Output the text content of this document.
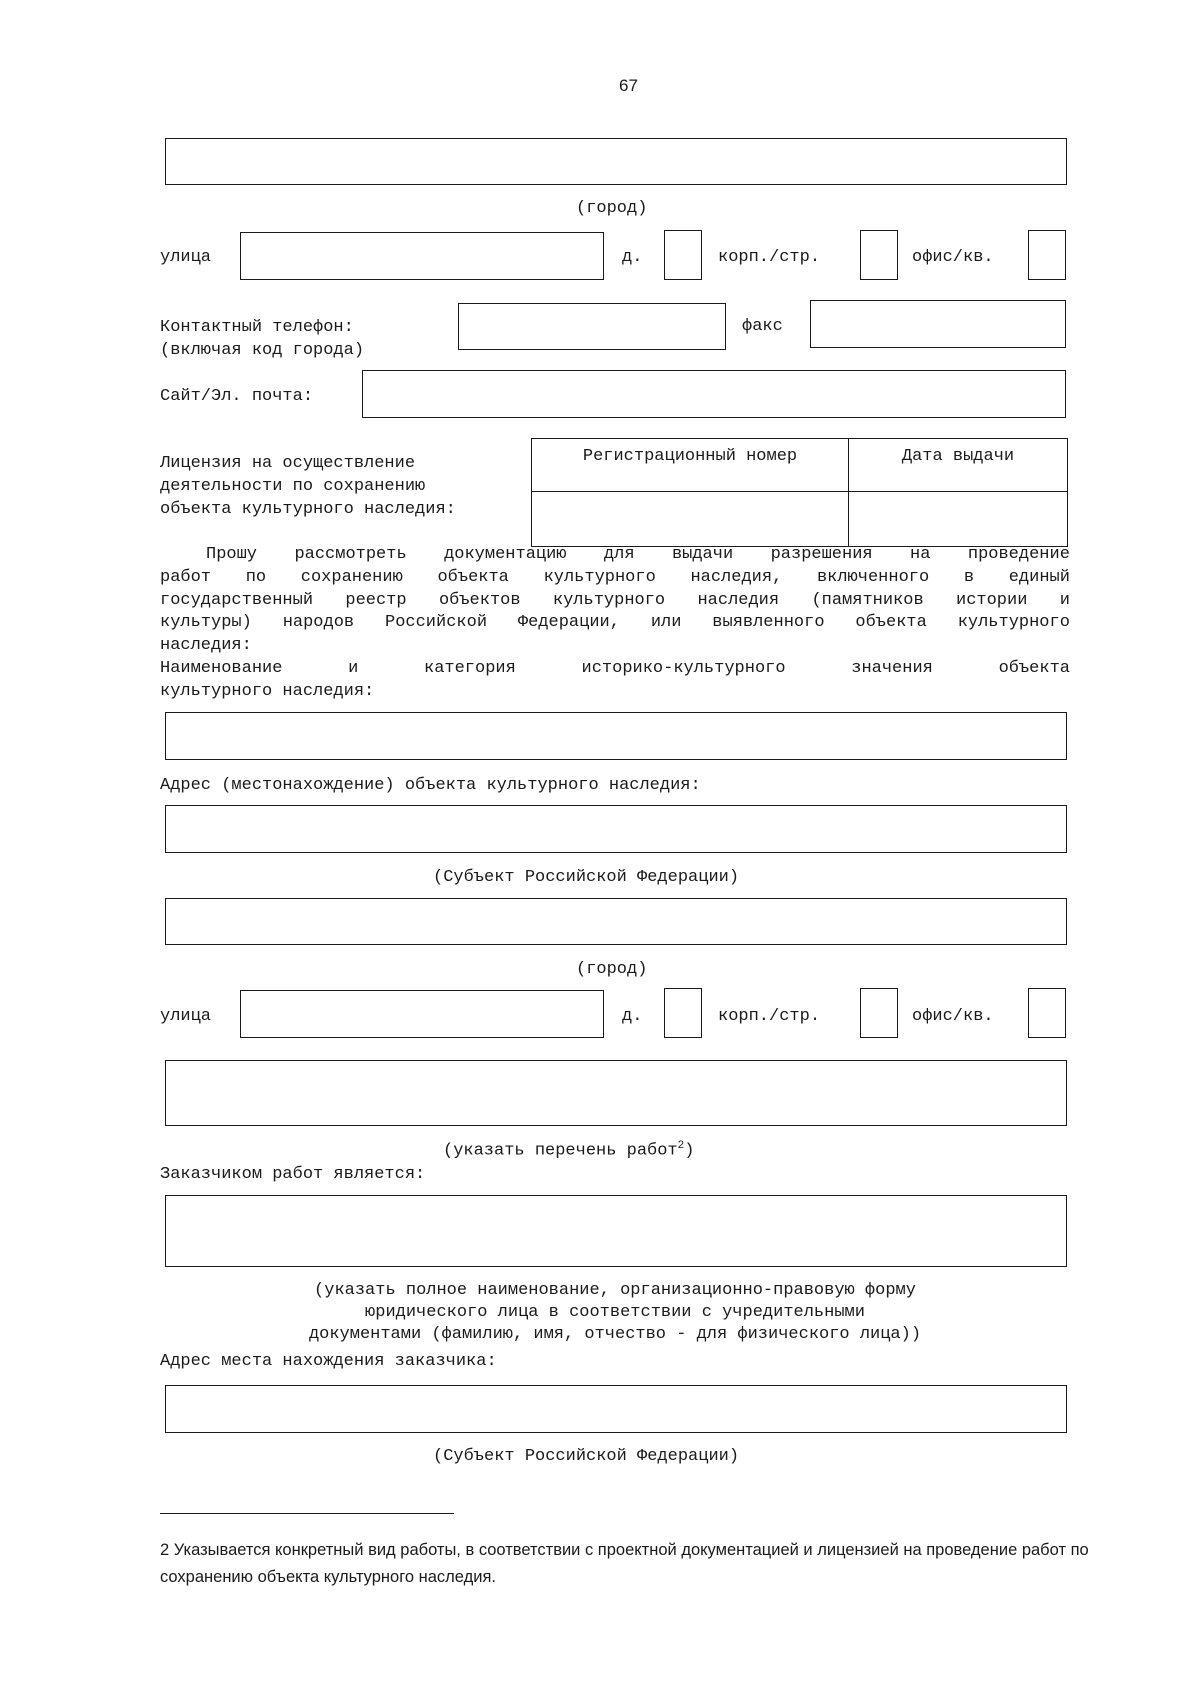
67
(город)
улица	д.	корп./стр.	офис/кв.
Контактный телефон:
(включая код города)
факс
Сайт/Эл. почта:
Лицензия на осуществление
деятельности по сохранению
объекта культурного наследия:
Регистрационный номер	Дата выдачи

Прошу рассмотреть документацию для выдачи разрешения на проведение
работ по сохранению объекта культурного наследия, включенного в единый
государственный реестр объектов культурного наследия (памятников истории и
культуры) народов Российской Федерации, или выявленного объекта культурного
наследия:
Наименование	и	категория	историко-культурного	значения	объекта
культурного наследия:
Адрес (местонахождение) объекта культурного наследия:
(Субъект Российской Федерации)
(город)
улица	д.	корп./стр.	офис/кв.
(указать перечень работ$^2$)
Заказчиком работ является:
(указать полное наименование, организационно-правовую форму
юридического лица в соответствии с учредительными
документами (фамилию, имя, отчество - для физического лица))
Адрес места нахождения заказчика:
(Субъект Российской Федерации)
2 Указывается конкретный вид работы, в соответствии с проектной документацией и лицензией на проведение работ по сохранению объекта культурного наследия.
